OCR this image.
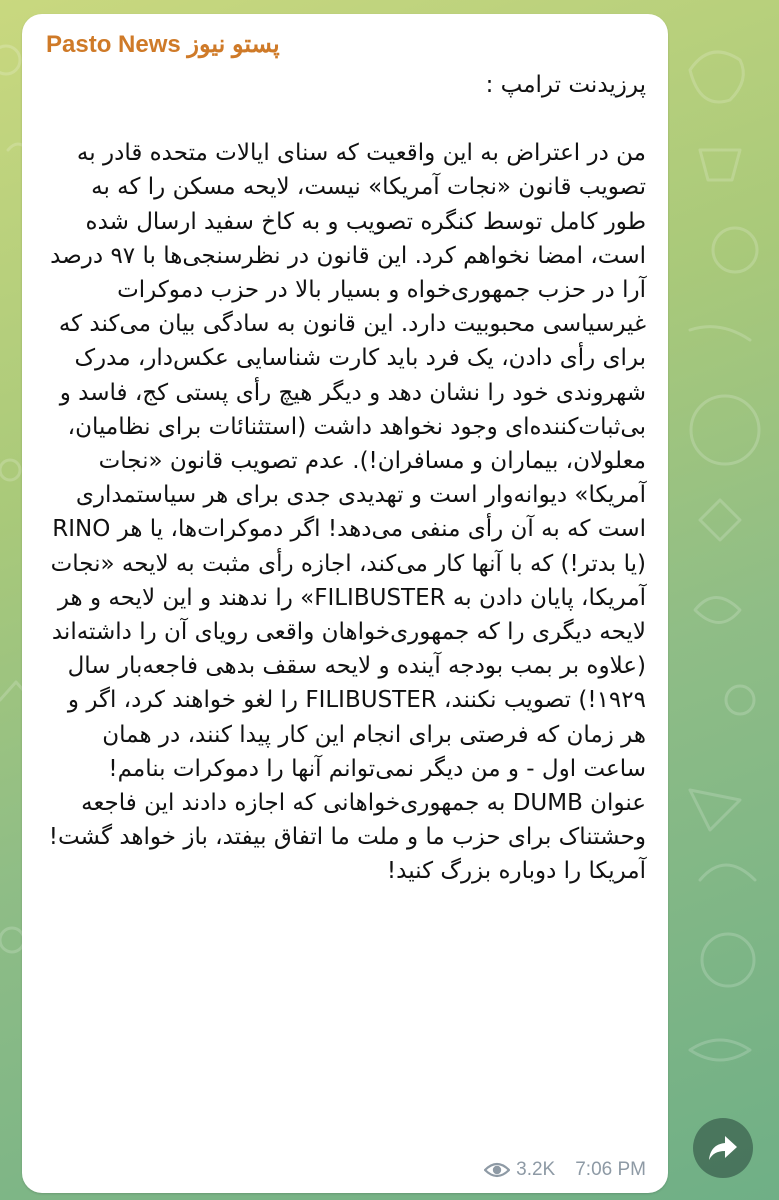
Pasto News پستو نیوز

پرزیدنت ترامپ :

من در اعتراض به این واقعیت که سنای ایالات متحده قادر به تصویب قانون «نجات آمریکا» نیست، لایحه مسکن را که به طور کامل توسط کنگره تصویب و به کاخ سفید ارسال شده است، امضا نخواهم کرد. این قانون در نظرسنجی‌ها با ۹۷ درصد آرا در حزب جمهوری‌خواه و بسیار بالا در حزب دموکرات غیرسیاسی محبوبیت دارد. این قانون به سادگی بیان می‌کند که برای رأی دادن، یک فرد باید کارت شناسایی عکس‌دار، مدرک شهروندی خود را نشان دهد و دیگر هیچ رأی پستی کج، فاسد و بی‌ثبات‌کننده‌ای وجود نخواهد داشت (استثنائات برای نظامیان، معلولان، بیماران و مسافران!). عدم تصویب قانون «نجات آمریکا» دیوانه‌وار است و تهدیدی جدی برای هر سیاستمداری است که به آن رأی منفی می‌دهد! اگر دموکرات‌ها، یا هر RINO (یا بدتر!) که با آنها کار می‌کند، اجازه رأی مثبت به لایحه «نجات آمریکا، پایان دادن به FILIBUSTER» را ندهند و این لایحه و هر لایحه دیگری را که جمهوری‌خواهان واقعی رویای آن را داشته‌اند (علاوه بر بمب بودجه آینده و لایحه سقف بدهی فاجعه‌بار سال ۱۹۲۹!) تصویب نکنند، FILIBUSTER را لغو خواهند کرد، اگر و هر زمان که فرصتی برای انجام این کار پیدا کنند، در همان ساعت اول - و من دیگر نمی‌توانم آنها را دموکرات بنامم! عنوان DUMB به جمهوری‌خواهانی که اجازه دادند این فاجعه وحشتناک برای حزب ما و ملت ما اتفاق بیفتد، باز خواهد گشت! آمریکا را دوباره بزرگ کنید!

3.2K 7:06 PM
